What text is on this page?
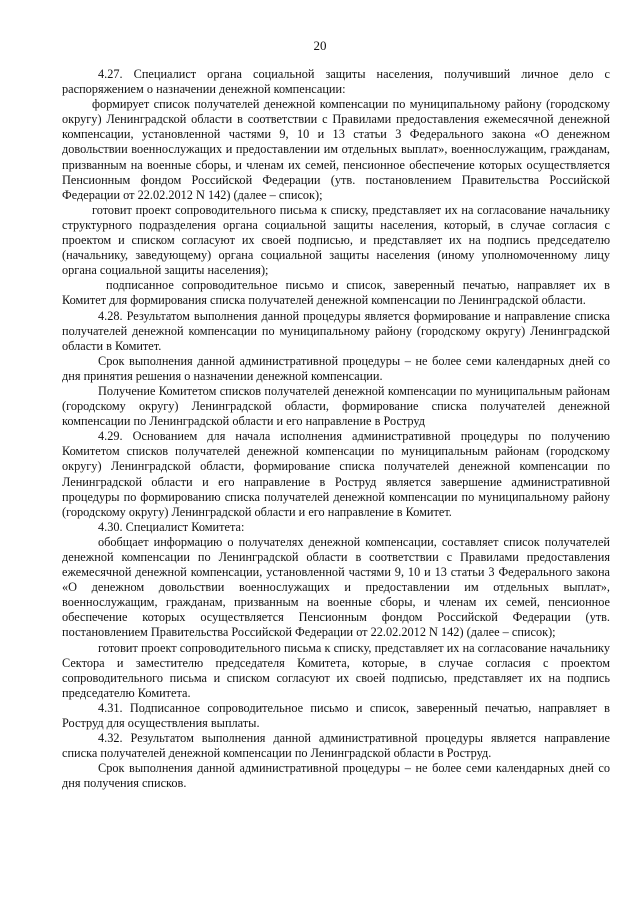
20

4.27. Специалист органа социальной защиты населения, получивший личное дело с распоряжением о назначении денежной компенсации:

формирует список получателей денежной компенсации по муниципальному району (городскому округу) Ленинградской области в соответствии с Правилами предоставления ежемесячной денежной компенсации, установленной частями 9, 10 и 13 статьи 3 Федерального закона «О денежном довольствии военнослужащих и предоставлении им отдельных выплат», военнослужащим, гражданам, призванным на военные сборы, и членам их семей, пенсионное обеспечение которых осуществляется Пенсионным фондом Российской Федерации (утв. постановлением Правительства Российской Федерации от 22.02.2012 N 142) (далее – список);

готовит проект сопроводительного письма к списку, представляет их на согласование начальнику структурного подразделения органа социальной защиты населения, который, в случае согласия с проектом и списком согласуют их своей подписью, и представляет их на подпись председателю (начальнику, заведующему) органа социальной защиты населения (иному уполномоченному лицу органа социальной защиты населения);

подписанное сопроводительное письмо и список, заверенный печатью, направляет их в Комитет для формирования списка получателей денежной компенсации по Ленинградской области.

4.28. Результатом выполнения данной процедуры является формирование и направление списка получателей денежной компенсации по муниципальному району (городскому округу) Ленинградской области в Комитет.

Срок выполнения данной административной процедуры – не более семи календарных дней со дня принятия решения о назначении денежной компенсации.

Получение Комитетом списков получателей денежной компенсации по муниципальным районам (городскому округу) Ленинградской области, формирование списка получателей денежной компенсации по Ленинградской области и его направление в Роструд

4.29. Основанием для начала исполнения административной процедуры по получению Комитетом списков получателей денежной компенсации по муниципальным районам (городскому округу) Ленинградской области, формирование списка получателей денежной компенсации по Ленинградской области и его направление в Роструд является завершение административной процедуры по формированию списка получателей денежной компенсации по муниципальному району (городскому округу) Ленинградской области и его направление в Комитет.

4.30. Специалист Комитета:

обобщает информацию о получателях денежной компенсации, составляет список получателей денежной компенсации по Ленинградской области в соответствии с Правилами предоставления ежемесячной денежной компенсации, установленной частями 9, 10 и 13 статьи 3 Федерального закона «О денежном довольствии военнослужащих и предоставлении им отдельных выплат», военнослужащим, гражданам, призванным на военные сборы, и членам их семей, пенсионное обеспечение которых осуществляется Пенсионным фондом Российской Федерации (утв. постановлением Правительства Российской Федерации от 22.02.2012 N 142) (далее – список);

готовит проект сопроводительного письма к списку, представляет их на согласование начальнику Сектора и заместителю председателя Комитета, которые, в случае согласия с проектом сопроводительного письма и списком согласуют их своей подписью, представляет их на подпись председателю Комитета.

4.31. Подписанное сопроводительное письмо и список, заверенный печатью, направляет в Роструд для осуществления выплаты.

4.32. Результатом выполнения данной административной процедуры является направление списка получателей денежной компенсации по Ленинградской области в Роструд.

Срок выполнения данной административной процедуры – не более семи календарных дней со дня получения списков.
